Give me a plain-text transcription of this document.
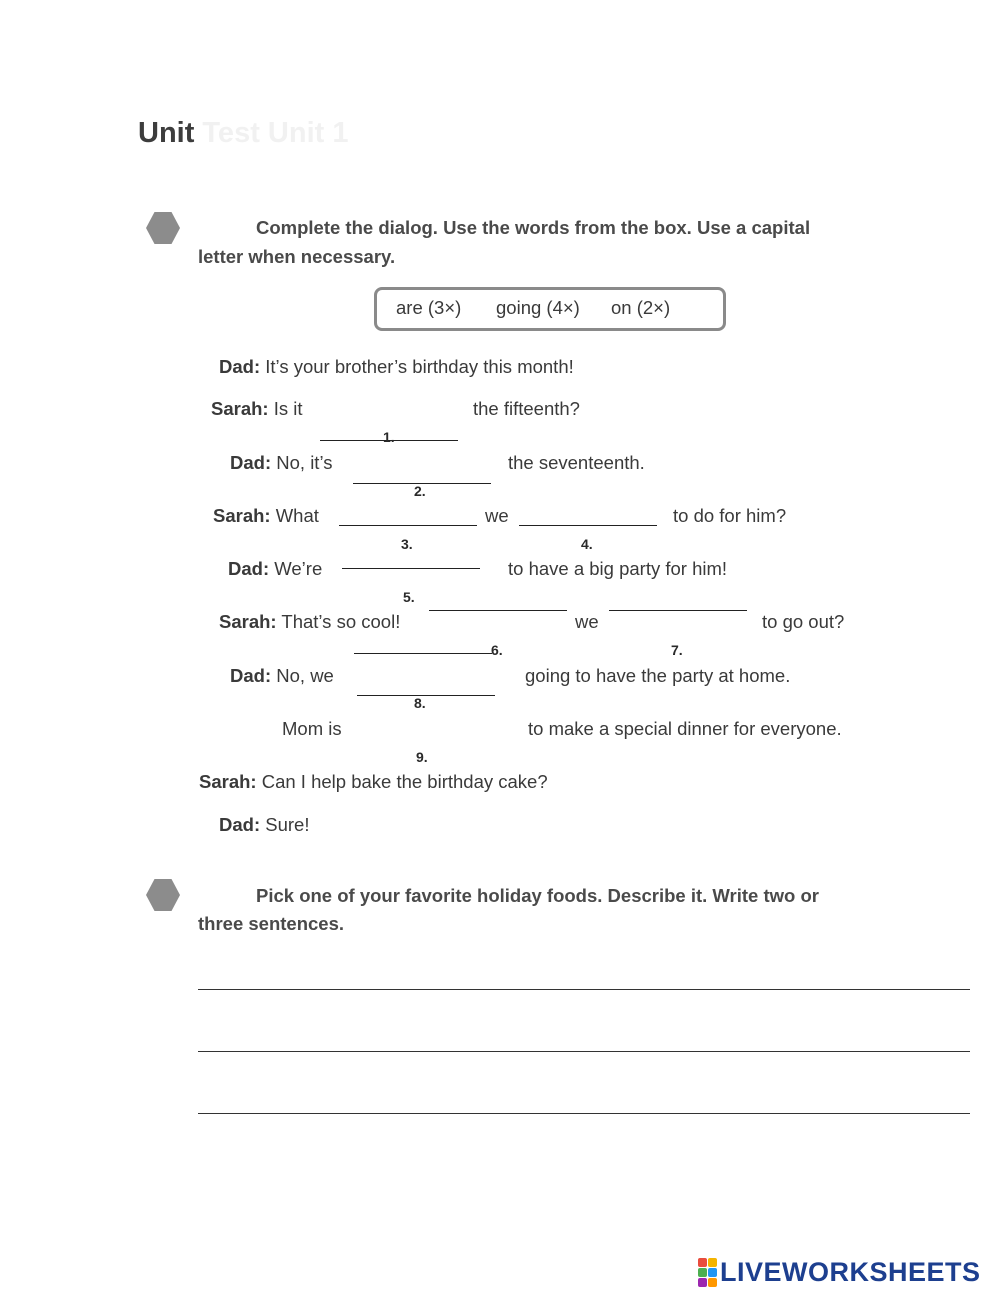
Unit Test Unit 1
Complete the dialog. Use the words from the box. Use a capital
letter when necessary.
are (3×) going (4×) on (2×)
Dad: It’s your brother’s birthday this month!
Sarah: Is it	the fifteenth?
Dad: No, it’s	the seventeenth.
Sarah: What	we	to do for him?
Dad: We’re	to have a big party for him!
Sarah: That’s so cool!	we	to go out?
Dad: No, we	going to have the party at home.
Mom is	to make a special dinner for everyone.
Sarah: Can I help bake the birthday cake?
Dad: Sure!
1.
2.
3.	4.
5.
6.	7.
8.
9.
Pick one of your favorite holiday foods. Describe it. Write two or
three sentences.
LIVEWORKSHEETS
